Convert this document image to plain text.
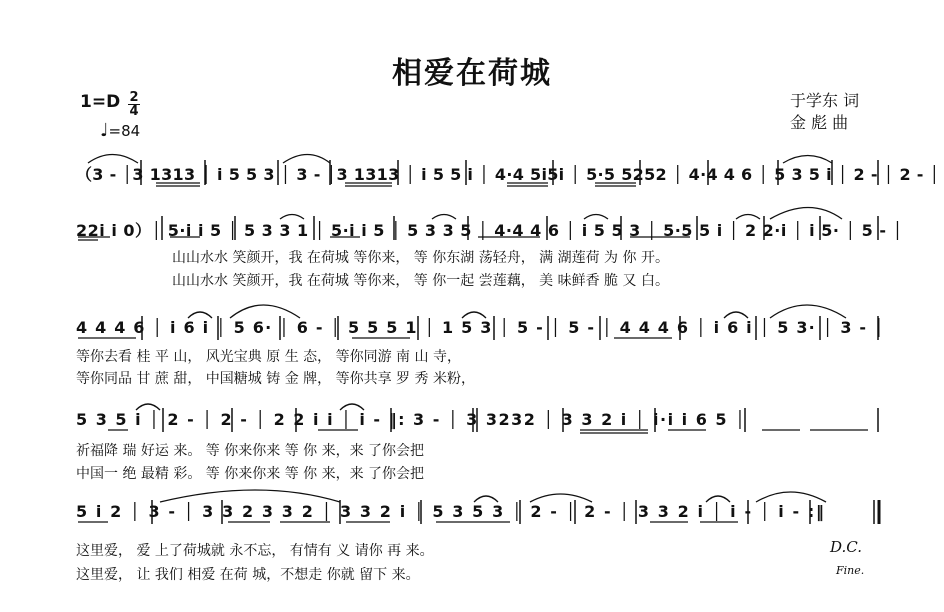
相爱在荷城
1=D 2
4
♩=84
于学东 词
金 彪 曲
（3 - │3 1313 │ i 5 5 3 │ 3 - │3 1313 │ i 5 5 i │ 4·4 5i5i │ 5·5 5252 │ 4·4 4 6 │ 5 3 5 i │ 2 - │ 2 - │
22i i 0）│ 5·i i 5 │ 5 3 3 1 │ 5·i i 5 │ 5 3 3 5 │ 4·4 4 6 │ i 5 5 3 │ 5·5 5 i │ 2 2·i │ i 5· │ 5 - │
山山水水 笑颜开，我 在荷城 等你来， 等 你东湖 荡轻舟， 满 湖莲荷 为 你 开。
山山水水 笑颜开，我 在荷城 等你来， 等 你一起 尝莲藕， 美 味鲜香 脆 又 白。
4 4 4 6 │ i 6 i │ 5 6· │ 6 - │ 5 5 5 1 │ 1 5 3 │ 5 - │ 5 - │ 4 4 4 6 │ i 6 i │ 5 3· │ 3 - │
等你去看 桂 平 山， 风光宝典 原 生 态， 等你同游 南 山 寺，
等你同品 甘 蔗 甜， 中国糖城 铸 金 牌， 等你共享 罗 秀 米粉，
5 3 5 i │ 2 - │ 2 - │ 2 2 i i │ i - ‖: 3 - │ 3 3232 │ 3 3 2 i │ i·i i 6 5 │
祈福降 瑞 好运 来。 等 你来你来 等 你 来，来 了你会把
中国一 绝 最精 彩。 等 你来你来 等 你 来，来 了你会把
5 i 2 │ 3 - │ 3 3 2 3 3 2 │ 3 3 2 i │ 5 3 5 3 │ 2 - │ 2 - │ 3 3 2 i │ i - │ i - :‖
这里爱， 爱 上了荷城就 永不忘， 有情有 义 请你 再 来。
这里爱， 让 我们 相爱 在荷 城，不想走 你就 留下 来。
D.C.
Fine.
